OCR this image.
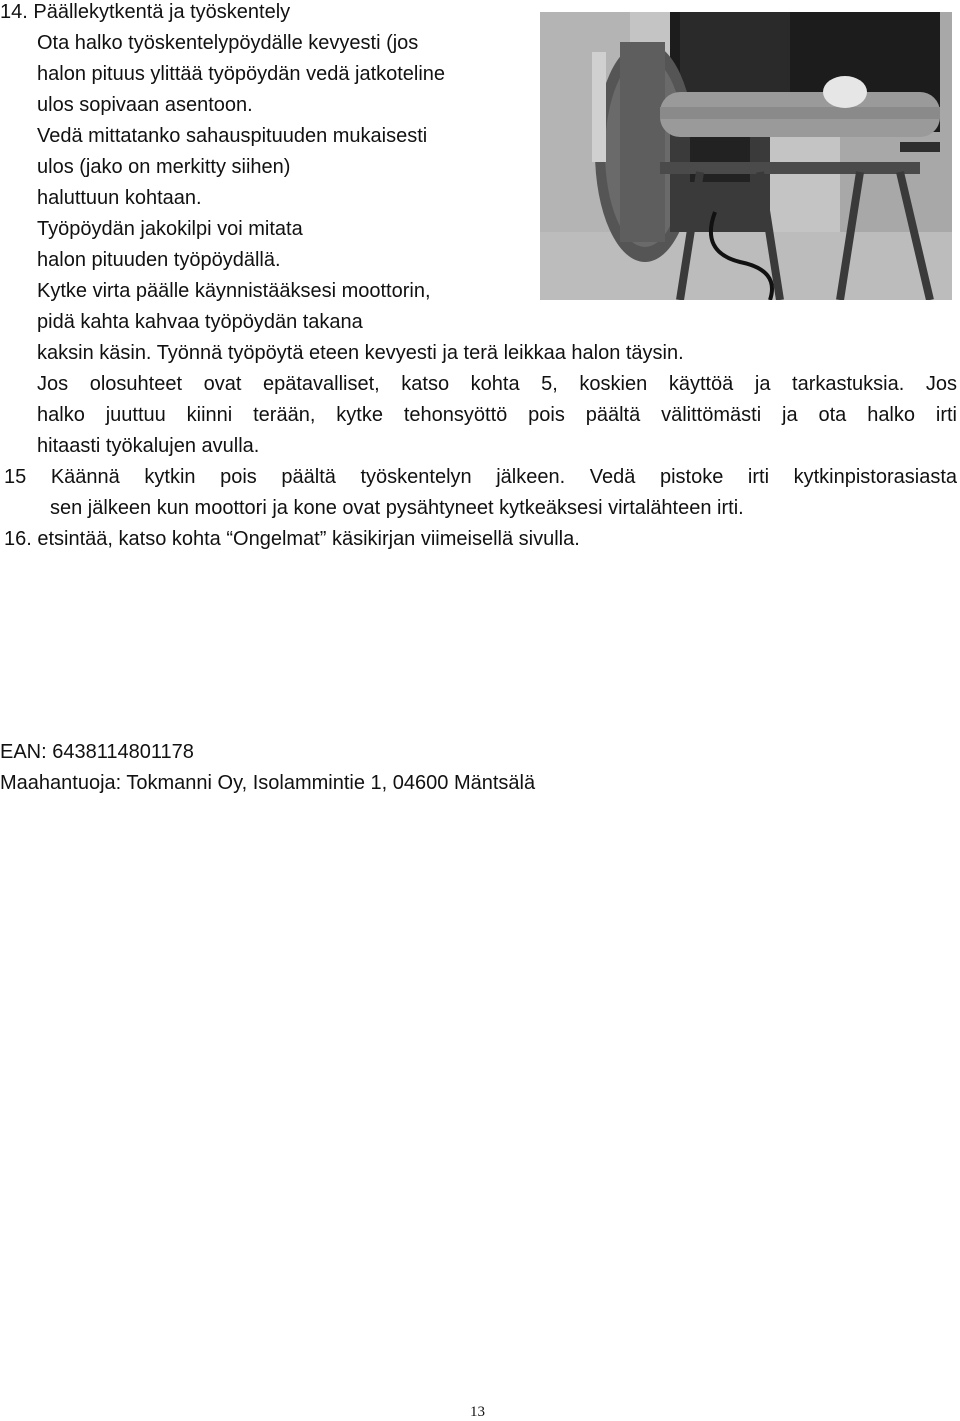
14. Päällekytkentä ja työskentely

Ota halko työskentelypöydälle kevyesti (jos

halon pituus ylittää työpöydän vedä jatkoteline

ulos sopivaan asentoon.

Vedä mittatanko sahauspituuden mukaisesti

ulos (jako on merkitty siihen)

haluttuun kohtaan.

Työpöydän jakokilpi voi mitata

halon pituuden työpöydällä.

Kytke virta päälle käynnistääksesi moottorin,

pidä kahta kahvaa työpöydän takana

kaksin käsin. Työnnä työpöytä eteen kevyesti ja terä leikkaa halon täysin.

Jos olosuhteet ovat epätavalliset, katso kohta 5, koskien käyttöä ja tarkastuksia. Jos

halko juuttuu kiinni terään, kytke tehonsyöttö pois päältä välittömästi ja ota halko irti

hitaasti työkalujen avulla.

15 Käännä kytkin pois päältä työskentelyn jälkeen. Vedä pistoke irti kytkinpistorasiasta

sen jälkeen kun moottori ja kone ovat pysähtyneet kytkeäksesi virtalähteen irti.

16. etsintää, katso kohta “Ongelmat” käsikirjan viimeisellä sivulla.

EAN: 6438114801178
Maahantuoja: Tokmanni Oy, Isolammintie 1, 04600 Mäntsälä
13
